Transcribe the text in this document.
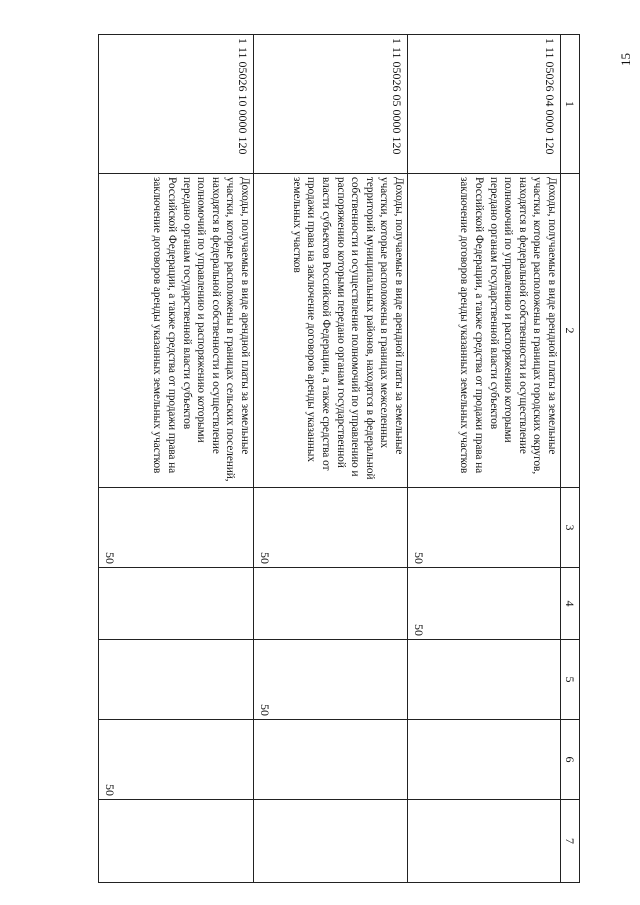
15
1	2	3	4	5	6	7
1 11 05026 04 0000 120	Доходы, получаемые в виде арендной платы за земельные участки, которые расположены в границах городских округов, находятся в федеральной собственности и осуществление полномочий по управлению и распоряжению которыми передано органам государственной власти субъектов Российской Федерации, а также средства от продажи права на заключение договоров аренды указанных земельных участков	50	50			
1 11 05026 05 0000 120	Доходы, получаемые в виде арендной платы за земельные участки, которые расположены в границах межселенных территорий муниципальных районов, находятся в федеральной собственности и осуществление полномочий по управлению и распоряжению которыми передано органам государственной власти субъектов Российской Федерации, а также средства от продажи права на заключение договоров аренды указанных земельных участков	50		50		
1 11 05026 10 0000 120	Доходы, получаемые в виде арендной платы за земельные участки, которые расположены в границах сельских поселений, находятся в федеральной собственности и осуществление полномочий по управлению и распоряжению которыми передано органам государственной власти субъектов Российской Федерации, а также средства от продажи права на заключение договоров аренды указанных земельных участков	50			50	
